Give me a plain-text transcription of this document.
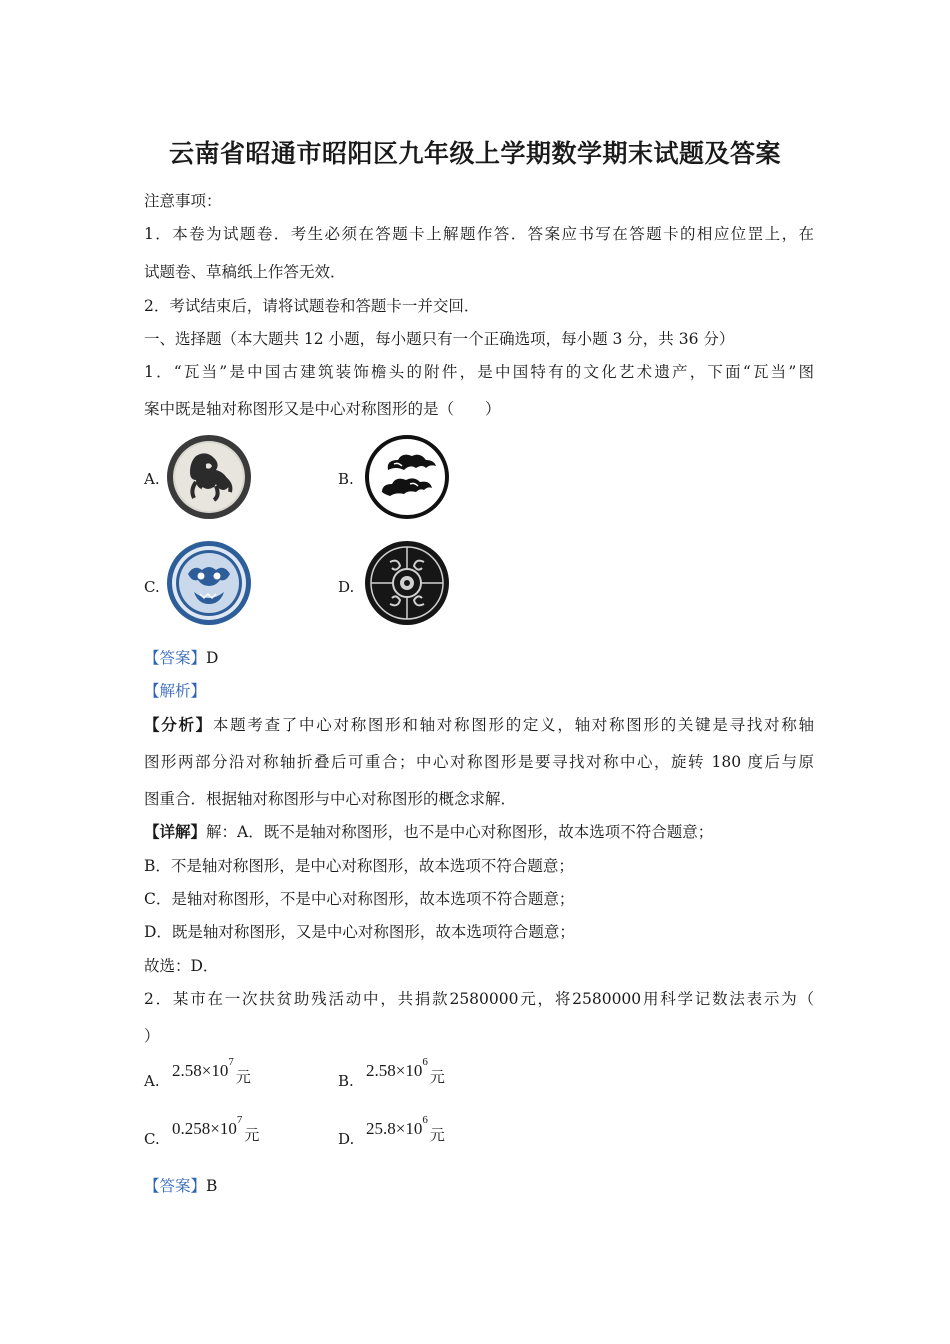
云南省昭通市昭阳区九年级上学期数学期末试题及答案
注意事项：
1．本卷为试题卷．考生必须在答题卡上解题作答．答案应书写在答题卡的相应位罡上，在
试题卷、草稿纸上作答无效．
2．考试结束后，请将试题卷和答题卡一并交回．
一、选择题（本大题共 12 小题，每小题只有一个正确选项，每小题 3 分，共 36 分）
1．“瓦当”是中国古建筑装饰檐头的附件，是中国特有的文化艺术遗产，下面“瓦当”图
案中既是轴对称图形又是中心对称图形的是（　　）
A.	B.
C.	D.
【答案】D
【解析】
【分析】本题考查了中心对称图形和轴对称图形的定义，轴对称图形的关键是寻找对称轴
图形两部分沿对称轴折叠后可重合；中心对称图形是要寻找对称中心，旋转 180 度后与原
图重合．根据轴对称图形与中心对称图形的概念求解．
【详解】解：A．既不是轴对称图形，也不是中心对称图形，故本选项不符合题意；
B．不是轴对称图形，是中心对称图形，故本选项不符合题意；
C．是轴对称图形，不是中心对称图形，故本选项不符合题意；
D．既是轴对称图形，又是中心对称图形，故本选项符合题意；
故选：D．
2．某市在一次扶贫助残活动中，共捐款2580000元，将2580000用科学记数法表示为（
）
A.
$2.58\times 10^7$元	B.
$2.58\times 10^6$元
C.
$0.258\times 10^7$元	D.
$25.8\times 10^6$元
【答案】B
